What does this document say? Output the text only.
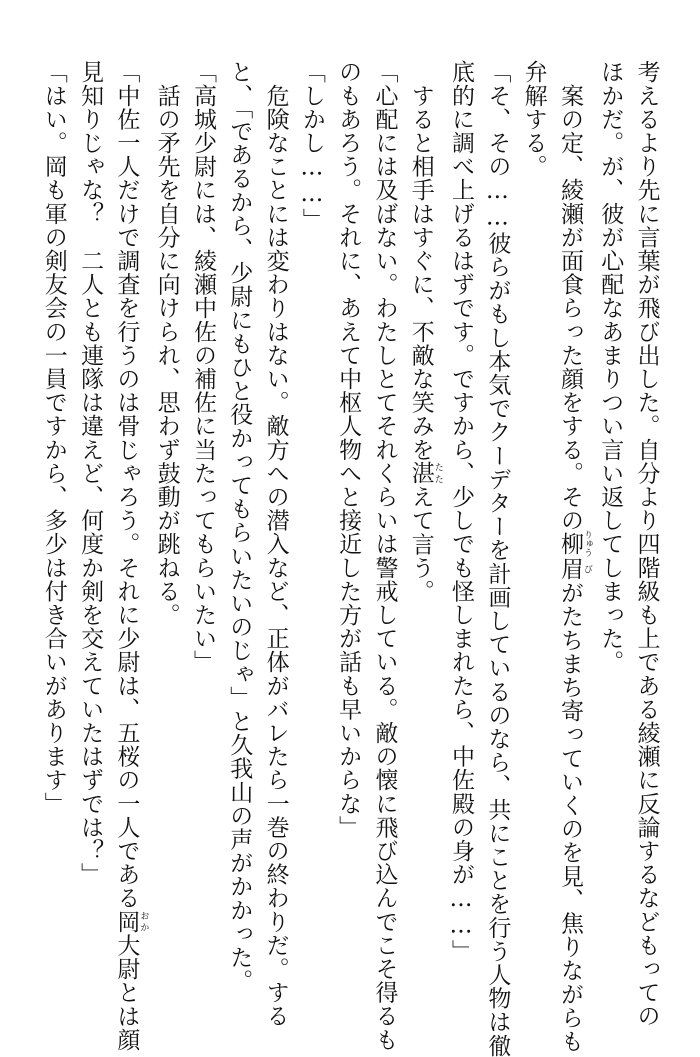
考えるより先に言葉が飛び出した。自分より四階級も上である綾瀬に反論するなどもっての
ほかだ。が、彼が心配なあまりつい言い返してしまった。
　案の定、綾瀬が面食らった顔をする。その柳 りゅう眉 びがたちまち寄っていくのを見、焦りながらも
弁解する。
「そ、その……彼らがもし本気でクーデターを計画しているのなら、共にことを行う人物は徹
底的に調べ上げるはずです。ですから、少しでも怪しまれたら、中佐殿の身が……」
　すると相手はすぐに、不敵な笑みを湛 たたえて言う。
「心配には及ばない。わたしとてそれくらいは警戒している。敵の懐に飛び込んでこそ得るも
のもあろう。それに、あえて中枢人物へと接近した方が話も早いからな」
「しかし……」
　危険なことには変わりはない。敵方への潜入など、正体がバレたら一巻の終わりだ。する
と、「であるから、少尉にもひと役かってもらいたいのじゃ」と久我山の声がかかった。
「高城少尉には、綾瀬中佐の補佐に当たってもらいたい」
　話の矛先を自分に向けられ、思わず鼓動が跳ねる。
「中佐一人だけで調査を行うのは骨じゃろう。それに少尉は、五桜の一人である岡 おか大尉とは顔
見知りじゃな？　二人とも連隊は違えど、何度か剣を交えていたはずでは？」
「はい。岡も軍の剣友会の一員ですから、多少は付き合いがあります」
